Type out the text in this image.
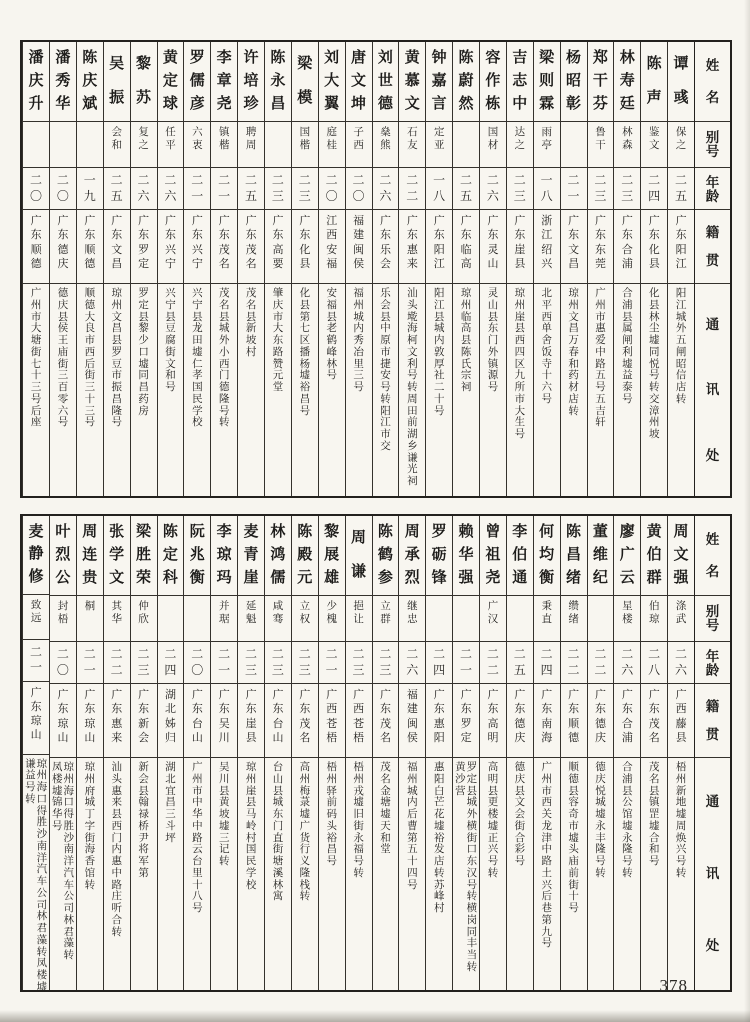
姓
名
别
号
年
龄
籍
贯
通
讯
处
谭
彧
保
之
二
五
广
东
阳
江
阳
江
城
外
五
闸
昭
信
店
转
陈
声
鉴
文
二
四
广
东
化
县
化
县
林
尘
墟
同
悦
号
转
交
漳
州
坡
林
寿
廷
林
森
二
三
广
东
合
浦
合
浦
县
属
闸
利
墟
益
泰
号
郑
干
芬
鲁
干
二
三
广
东
东
莞
广
州
市
惠
爱
中
路
五
号
五
吉
轩
杨
昭
彰
二
一
广
东
文
昌
琼
州
文
昌
万
春
和
药
材
店
转
梁
则
霖
雨
亭
一
八
浙
江
绍
兴
北
平
西
单
舍
饭
寺
十
六
号
吉
志
中
达
之
二
三
广
东
崖
县
琼
州
崖
县
西
四
区
九
所
市
大
生
号
容
作
栋
国
材
二
六
广
东
灵
山
灵
山
县
东
门
外
镇
源
号
陈
蔚
然
二
五
广
东
临
高
琼
州
临
高
县
陈
氏
宗
祠
钟
嘉
言
定
亚
一
八
广
东
阳
江
阳
江
县
城
内
敦
厚
社
二
十
号
黄
慕
文
石
友
二
二
广
东
惠
来
汕
头
墘
海
柯
文
利
号
转
周
田
前
湖
乡
谦
光
祠
刘
世
德
燊
熊
二
六
广
东
乐
会
乐
会
县
中
原
市
捷
安
号
转
阳
江
市
交
唐
文
坤
子
西
二
〇
福
建
闽
侯
福
州
城
内
秀
冶
里
三
号
刘
大
翼
庭
桂
二
〇
江
西
安
福
安
福
县
老
鹤
峰
林
号
梁
模
国
楷
二
三
广
东
化
县
化
县
第
七
区
播
杨
墟
裕
昌
号
陈
永
昌
二
三
广
东
高
要
肇
庆
市
大
东
路
赞
元
堂
许
培
珍
聘
周
二
五
广
东
茂
名
茂
名
县
新
坡
村
李
章
尧
镇
楷
二
一
广
东
茂
名
茂
名
县
城
外
小
西
门
德
隆
号
转
罗
儒
彦
六
衷
二
一
广
东
兴
宁
兴
宁
县
龙
田
墟
仁
孝
国
民
学
校
黄
定
球
任
平
二
六
广
东
兴
宁
兴
宁
县
豆
腐
街
文
和
号
黎
苏
复
之
二
六
广
东
罗
定
罗
定
县
黎
少
口
墟
同
昌
药
房
吴
振
会
和
二
五
广
东
文
昌
琼
州
文
昌
县
罗
豆
市
振
昌
隆
号
陈
庆
斌
一
九
广
东
顺
德
顺
德
大
良
市
西
后
街
三
十
三
号
潘
秀
华
二
〇
广
东
德
庆
德
庆
县
侯
王
庙
街
三
百
零
六
号
潘
庆
升
二
〇
广
东
顺
德
广
州
市
大
塘
街
七
十
三
号
后
座
姓
名
别
号
年
龄
籍
贯
通
讯
处
周
文
强
涤
武
二
六
广
西
藤
县
梧
州
新
地
墟
周
焕
兴
号
转
黄
伯
群
伯
琼
二
八
广
东
茂
名
茂
名
县
镇
罡
墟
合
和
号
廖
广
云
星
楼
二
六
广
东
合
浦
合
浦
县
公
馆
墟
永
隆
号
转
董
维
纪
二
二
广
东
德
庆
德
庆
悦
城
墟
永
丰
隆
号
转
陈
昌
绪
缵
绪
二
二
广
东
顺
德
顺
德
县
容
奇
市
墟
头
庙
前
街
十
号
何
均
衡
秉
直
二
四
广
东
南
海
广
州
市
西
关
龙
津
中
路
土
兴
后
巷
第
九
号
李
伯
通
二
五
广
东
德
庆
德
庆
县
文
会
街
合
彩
号
曾
祖
尧
广
汉
二
二
广
东
高
明
高
明
县
更
楼
墟
正
兴
号
转
赖
华
强
二
一
广
东
罗
定
罗
定
县
城
外
横
街
口
东
汉
号
转
横
岗
同
丰
当
转
黄
沙
营
罗
砺
锋
二
四
广
东
惠
阳
惠
阳
白
芒
花
墟
裕
发
店
转
苏
峰
村
周
承
烈
继
忠
二
六
福
建
闽
侯
福
州
城
内
后
曹
第
五
十
四
号
陈
鹤
参
立
群
二
三
广
东
茂
名
茂
名
金
塘
墟
天
和
堂
周
谦
挹
让
二
三
广
西
苍
梧
梧
州
戎
墟
旧
街
永
福
号
转
黎
展
雄
少
槐
二
一
广
西
苍
梧
梧
州
驿
前
码
头
裕
昌
号
陈
殿
元
立
权
二
三
广
东
茂
名
高
州
梅
菉
墟
广
货
行
义
隆
栈
转
林
鸿
儒
咸
骞
二
三
广
东
台
山
台
山
县
城
东
门
直
街
塘
溪
林
寓
麦
青
崖
延
魁
二
三
广
东
崖
县
琼
州
崖
县
马
岭
村
国
民
学
校
李
琼
玛
并
琚
二
一
广
东
吴
川
吴
川
县
黄
坡
墟
三
记
转
阮
兆
衡
二
〇
广
东
台
山
广
州
市
中
华
中
路
云
台
里
十
八
号
陈
定
科
二
四
湖
北
姊
归
湖
北
宜
昌
三
斗
坪
梁
胜
荣
仲
欣
二
三
广
东
新
会
新
会
县
翰
禄
桥
尹
将
军
第
张
学
文
其
华
二
二
广
东
惠
来
汕
头
惠
来
县
西
门
内
惠
中
路
庄
听
合
转
周
连
贵
桐
二
一
广
东
琼
山
琼
州
府
城
丁
字
街
海
香
馆
转
叶
烈
公
封
梧
二
〇
广
东
琼
山
琼
州
海
口
得
胜
沙
南
洋
汽
车
公
司
林
君
藻
转
凤
楼
墟
锦
华
号
麦
静
修
致
远
二
一
广
东
琼
山
琼
州
海
口
得
胜
沙
南
洋
汽
车
公
司
林
君
藻
转
凤
楼
墟
谦
益
号
转
378
